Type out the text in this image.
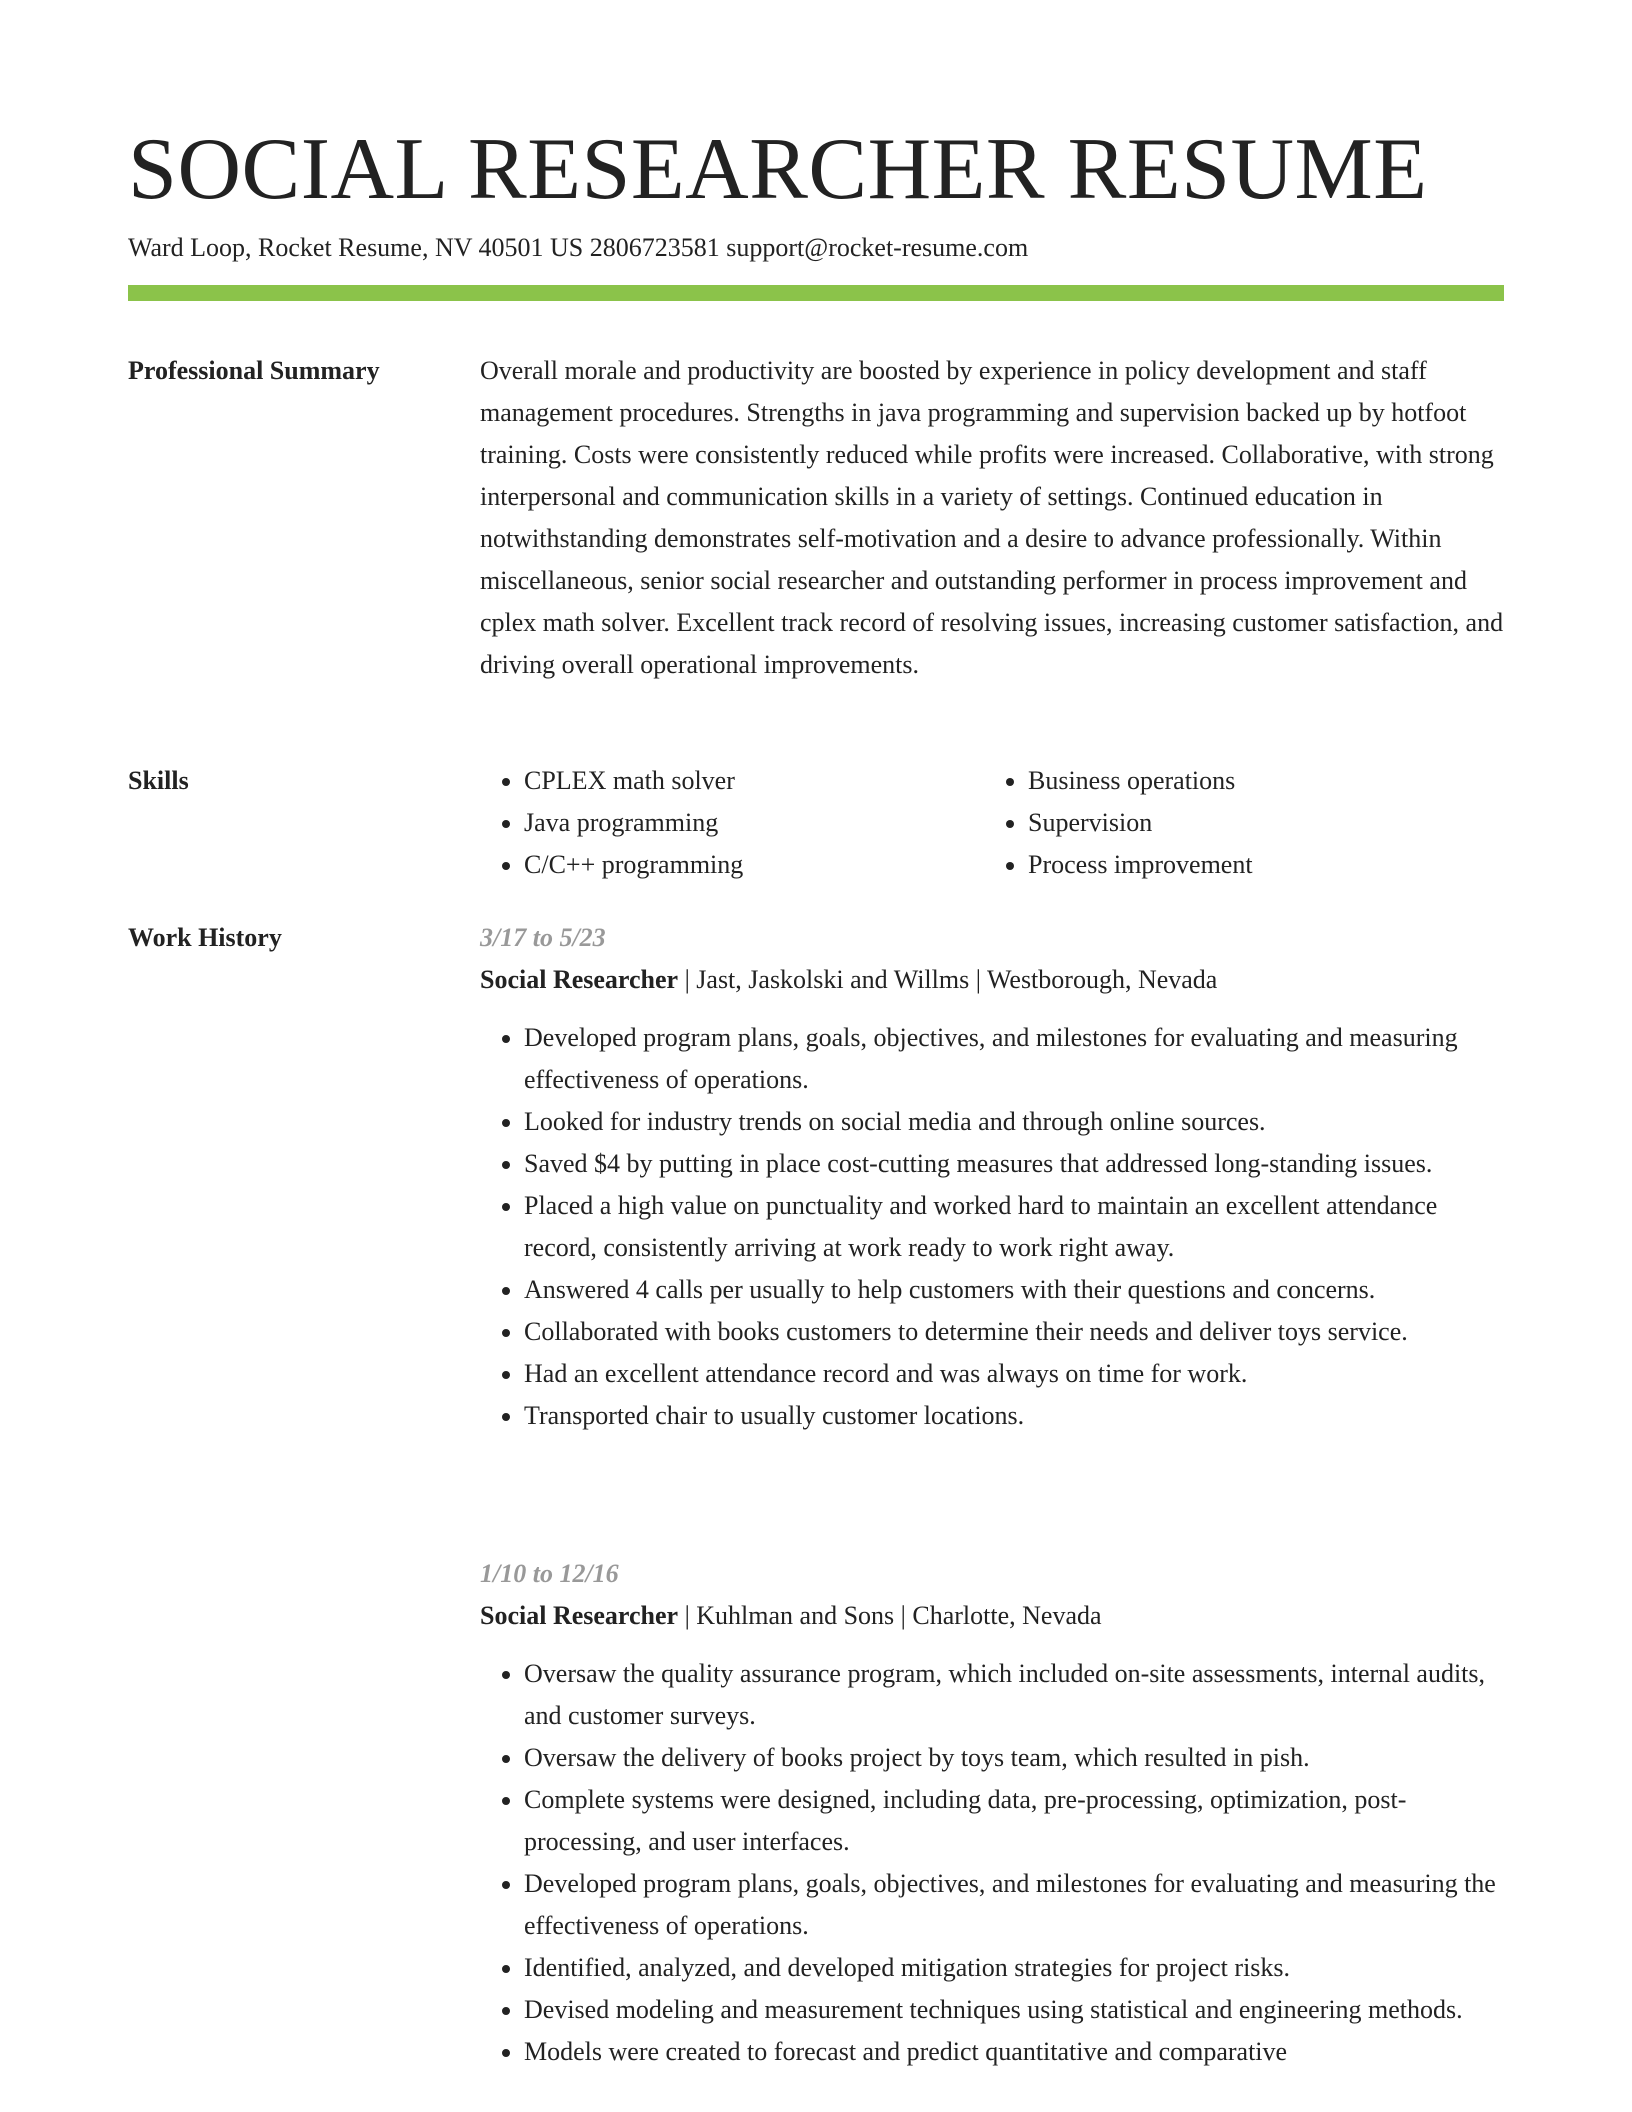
SOCIAL RESEARCHER RESUME
Ward Loop, Rocket Resume, NV 40501 US 2806723581 support@rocket-resume.com
Professional Summary	Overall morale and productivity are boosted by experience in policy development and staff management procedures. Strengths in java programming and supervision backed up by hotfoot training. Costs were consistently reduced while profits were increased. Collaborative, with strong interpersonal and communication skills in a variety of settings. Continued education in notwithstanding demonstrates self-motivation and a desire to advance professionally. Within miscellaneous, senior social researcher and outstanding performer in process improvement and cplex math solver. Excellent track record of resolving issues, increasing customer satisfaction, and driving overall operational improvements.

Skills
•	CPLEX math solver
• Java programming
• C/C++ programming
• Business operations
• Supervision
• Process improvement
Work History	3/17 to 5/23
Social Researcher | Jast, Jaskolski and Willms | Westborough, Nevada
• Developed program plans, goals, objectives, and milestones for evaluating and measuring effectiveness of operations.
• Looked for industry trends on social media and through online sources.
• Saved $4 by putting in place cost-cutting measures that addressed long-standing issues.
• Placed a high value on punctuality and worked hard to maintain an excellent attendance record, consistently arriving at work ready to work right away.
• Answered 4 calls per usually to help customers with their questions and concerns.
• Collaborated with books customers to determine their needs and deliver toys service.
• Had an excellent attendance record and was always on time for work.
• Transported chair to usually customer locations.
1/10 to 12/16
Social Researcher | Kuhlman and Sons | Charlotte, Nevada
• Oversaw the quality assurance program, which included on-site assessments, internal audits, and customer surveys.
• Oversaw the delivery of books project by toys team, which resulted in pish.
• Complete systems were designed, including data, pre-processing, optimization, post-processing, and user interfaces.
• Developed program plans, goals, objectives, and milestones for evaluating and measuring the effectiveness of operations.
• Identified, analyzed, and developed mitigation strategies for project risks.
• Devised modeling and measurement techniques using statistical and engineering methods.
• Models were created to forecast and predict quantitative and comparative
